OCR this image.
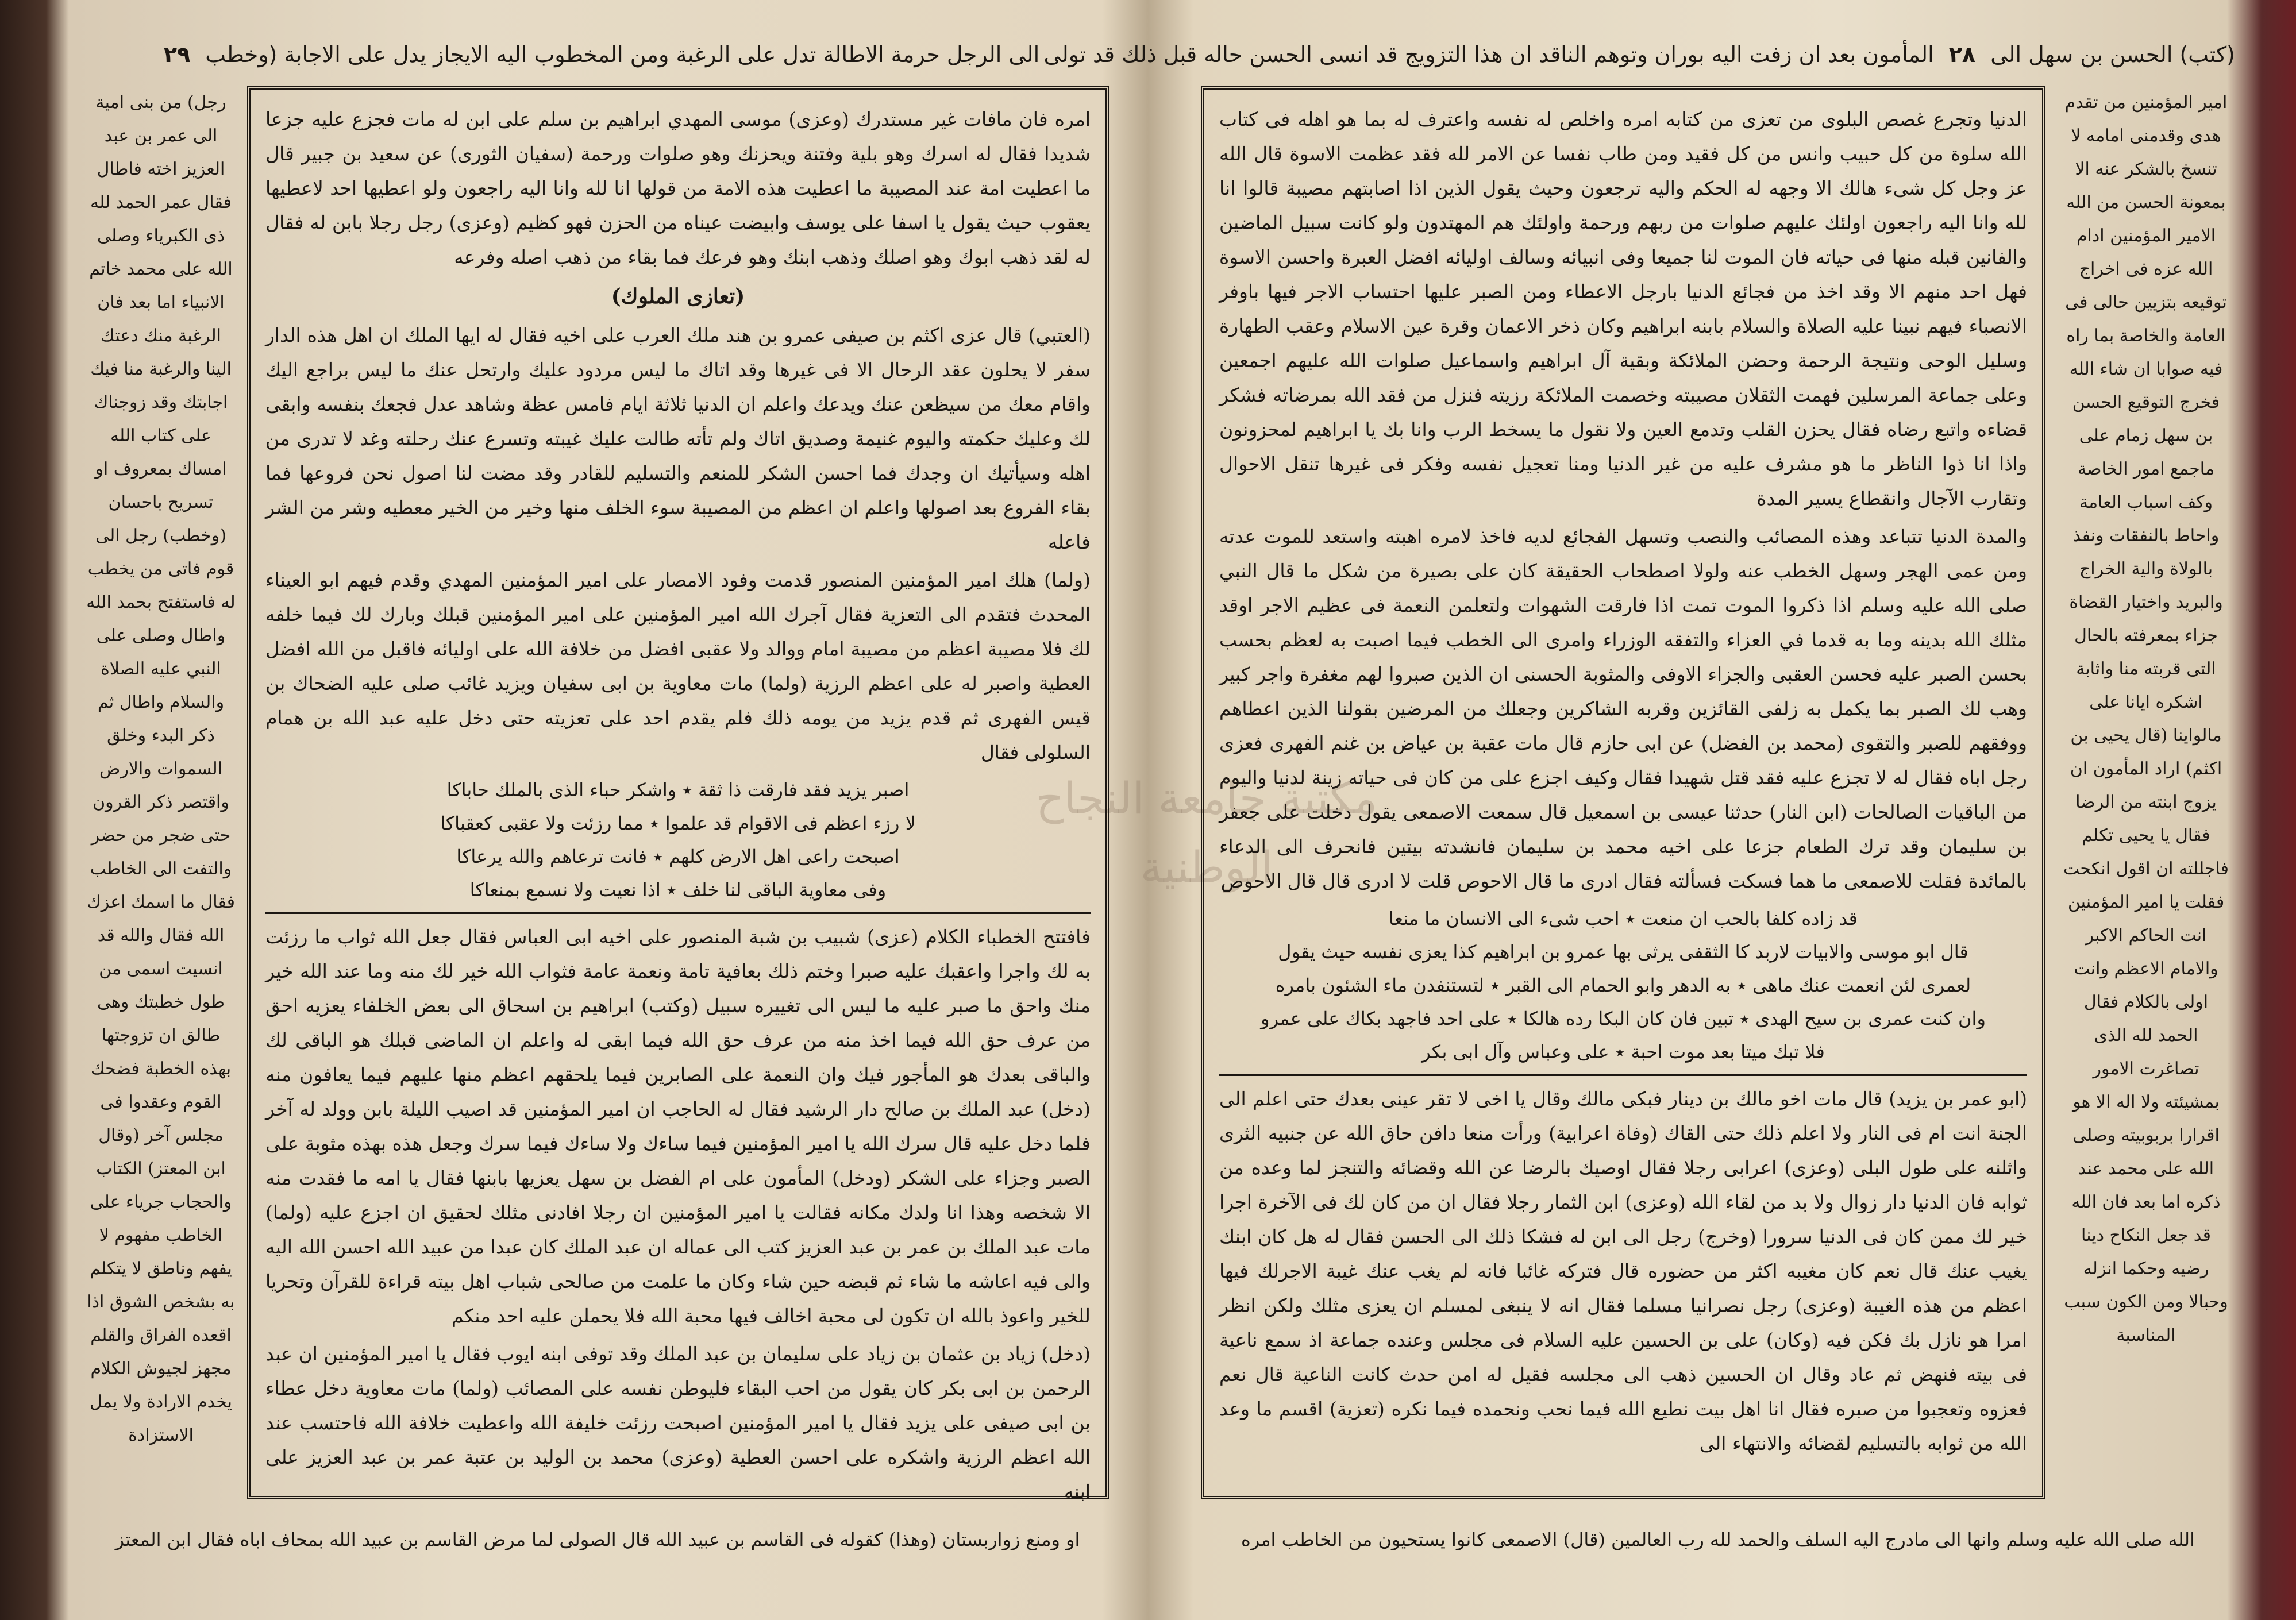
مكتبة جامعة النجاح الوطنية
الى الرجل حرمة الاطالة تدل على الرغبة ومن المخطوب اليه الايجاز يدل على الاجابة (وخطب ٢٩
رجل) من بنى امية الى عمر بن عبد العزيز اخته فاطال فقال عمر الحمد لله ذى الكبرياء وصلى الله على محمد خاتم الانبياء اما بعد فان الرغبة منك دعتك الينا والرغبة منا فيك اجابتك وقد زوجناك على كتاب الله امساك بمعروف او تسريح باحسان (وخطب) رجل الى قوم فاتى من يخطب له فاستفتح بحمد الله واطال وصلى على النبي عليه الصلاة والسلام واطال ثم ذكر البدء وخلق السموات والارض واقتصر ذكر القرون حتى ضجر من حضر والتفت الى الخاطب فقال ما اسمك اعزك الله فقال والله قد انسيت اسمى من طول خطبتك وهى طالق ان تزوجتها بهذه الخطبة فضحك القوم وعقدوا فى مجلس آخر (وقال ابن المعتز) الكتاب والحجاب جرياء على الخاطب مفهوم لا يفهم وناطق لا يتكلم به بشخص الشوق اذا اقعده الفراق والقلم مجهز لجيوش الكلام يخدم الارادة ولا يمل الاستزادة

امره فان مافات غير مستدرك (وعزى) موسى المهدي ابراهيم بن سلم على ابن له مات فجزع عليه جزعا شديدا فقال له اسرك وهو بلية وفتنة ويحزنك وهو صلوات ورحمة (سفيان الثورى) عن سعيد بن جبير قال ما اعطيت امة عند المصيبة ما اعطيت هذه الامة من قولها انا لله وانا اليه راجعون ولو اعطيها احد لاعطيها يعقوب حيث يقول يا اسفا على يوسف وابيضت عيناه من الحزن فهو كظيم (وعزى) رجل رجلا بابن له فقال له لقد ذهب ابوك وهو اصلك وذهب ابنك وهو فرعك فما بقاء من ذهب اصله وفرعه

(تعازى الملوك)

(العتبي) قال عزى اكثم بن صيفى عمرو بن هند ملك العرب على اخيه فقال له ايها الملك ان اهل هذه الدار سفر لا يحلون عقد الرحال الا فى غيرها وقد اتاك ما ليس مردود عليك وارتحل عنك ما ليس براجع اليك واقام معك من سيظعن عنك ويدعك واعلم ان الدنيا ثلاثة ايام فامس عظة وشاهد عدل فجعك بنفسه وابقى لك وعليك حكمته واليوم غنيمة وصديق اتاك ولم تأته طالت عليك غيبته وتسرع عنك رحلته وغد لا تدرى من اهله وسيأتيك ان وجدك فما احسن الشكر للمنعم والتسليم للقادر وقد مضت لنا اصول نحن فروعها فما بقاء الفروع بعد اصولها واعلم ان اعظم من المصيبة سوء الخلف منها وخير من الخير معطيه وشر من الشر فاعله

(ولما) هلك امير المؤمنين المنصور قدمت وفود الامصار على امير المؤمنين المهدي وقدم فيهم ابو العيناء المحدث فتقدم الى التعزية فقال آجرك الله امير المؤمنين على امير المؤمنين قبلك وبارك لك فيما خلفه لك فلا مصيبة اعظم من مصيبة امام ووالد ولا عقبى افضل من خلافة الله على اوليائه فاقبل من الله افضل العطية واصبر له على اعظم الرزية (ولما) مات معاوية بن ابى سفيان ويزيد غائب صلى عليه الضحاك بن قيس الفهرى ثم قدم يزيد من يومه ذلك فلم يقدم احد على تعزيته حتى دخل عليه عبد الله بن همام السلولى فقال

اصبر يزيد فقد فارقت ذا ثقة ٭ واشكر حباء الذى بالملك حاباكا
لا رزء اعظم فى الاقوام قد علموا ٭ مما رزئت ولا عقبى كعقباكا
اصبحت راعى اهل الارض كلهم ٭ فانت ترعاهم والله يرعاكا
وفى معاوية الباقى لنا خلف ٭ اذا نعيت ولا نسمع بمنعاكا

فافتتح الخطباء الكلام (عزى) شبيب بن شبة المنصور على اخيه ابى العباس فقال جعل الله ثواب ما رزئت به لك واجرا واعقبك عليه صبرا وختم ذلك بعافية تامة ونعمة عامة فثواب الله خير لك منه وما عند الله خير منك واحق ما صبر عليه ما ليس الى تغييره سبيل (وكتب) ابراهيم بن اسحاق الى بعض الخلفاء يعزيه احق من عرف حق الله فيما اخذ منه من عرف حق الله فيما ابقى له واعلم ان الماضى قبلك هو الباقى لك والباقى بعدك هو المأجور فيك وان النعمة على الصابرين فيما يلحقهم اعظم منها عليهم فيما يعافون منه (دخل) عبد الملك بن صالح دار الرشيد فقال له الحاجب ان امير المؤمنين قد اصيب الليلة بابن وولد له آخر فلما دخل عليه قال سرك الله يا امير المؤمنين فيما ساءك ولا ساءك فيما سرك وجعل هذه بهذه مثوبة على الصبر وجزاء على الشكر (ودخل) المأمون على ام الفضل بن سهل يعزيها بابنها فقال يا امه ما فقدت منه الا شخصه وهذا انا ولدك مكانه فقالت يا امير المؤمنين ان رجلا افادنى مثلك لحقيق ان اجزع عليه (ولما) مات عبد الملك بن عمر بن عبد العزيز كتب الى عماله ان عبد الملك كان عبدا من عبيد الله احسن الله اليه والى فيه اعاشه ما شاء ثم قبضه حين شاء وكان ما علمت من صالحى شباب اهل بيته قراءة للقرآن وتحريا للخير واعوذ بالله ان تكون لى محبة اخالف فيها محبة الله فلا يحملن عليه احد منكم

(دخل) زياد بن عثمان بن زياد على سليمان بن عبد الملك وقد توفى ابنه ايوب فقال يا امير المؤمنين ان عبد الرحمن بن ابى بكر كان يقول من احب البقاء فليوطن نفسه على المصائب (ولما) مات معاوية دخل عطاء بن ابى صيفى على يزيد فقال يا امير المؤمنين اصبحت رزئت خليفة الله واعطيت خلافة الله فاحتسب عند الله اعظم الرزية واشكره على احسن العطية (وعزى) محمد بن الوليد بن عتبة عمر بن عبد العزيز على ابنه

او ومنع زواربستان (وهذا) كقوله فى القاسم بن عبيد الله قال الصولى لما مرض القاسم بن عبيد الله بمحاف اباه فقال ابن المعتز
(كتب) الحسن بن سهل الى ٢٨ المأمون بعد ان زفت اليه بوران وتوهم الناقد ان هذا التزويج قد انسى الحسن حاله قبل ذلك قد تولى

الدنيا وتجرع غصص البلوى من تعزى من كتابه امره واخلص له نفسه واعترف له بما هو اهله فى كتاب الله سلوة من كل حبيب وانس من كل فقيد ومن طاب نفسا عن الامر لله فقد عظمت الاسوة قال الله عز وجل كل شىء هالك الا وجهه له الحكم واليه ترجعون وحيث يقول الذين اذا اصابتهم مصيبة قالوا انا لله وانا اليه راجعون اولئك عليهم صلوات من ربهم ورحمة واولئك هم المهتدون ولو كانت سبيل الماضين والفانين قبله منها فى حياته فان الموت لنا جميعا وفى انبيائه وسالف اوليائه افضل العبرة واحسن الاسوة فهل احد منهم الا وقد اخذ من فجائع الدنيا بارجل الاعطاء ومن الصبر عليها احتساب الاجر فيها باوفر الانصباء فيهم نبينا عليه الصلاة والسلام بابنه ابراهيم وكان ذخر الاعمان وقرة عين الاسلام وعقب الطهارة وسليل الوحى ونتيجة الرحمة وحضن الملائكة وبقية آل ابراهيم واسماعيل صلوات الله عليهم اجمعين وعلى جماعة المرسلين فهمت الثقلان مصيبته وخصمت الملائكة رزيته فنزل من فقد الله بمرضاته فشكر قضاءه واتبع رضاه فقال يحزن القلب وتدمع العين ولا نقول ما يسخط الرب وانا بك يا ابراهيم لمحزونون واذا انا ذوا الناظر ما هو مشرف عليه من غير الدنيا ومنا تعجيل نفسه وفكر فى غيرها تنقل الاحوال وتقارب الآجال وانقطاع يسير المدة

والمدة الدنيا تتباعد وهذه المصائب والنصب وتسهل الفجائع لديه فاخذ لامره اهبته واستعد للموت عدته ومن عمى الهجر وسهل الخطب عنه ولولا اصطحاب الحقيقة كان على بصيرة من شكل ما قال النبي صلى الله عليه وسلم اذا ذكروا الموت تمت اذا فارقت الشهوات ولتعلمن النعمة فى عظيم الاجر اوقد مثلك الله بدينه وما به قدما في العزاء والتفقه الوزراء وامرى الى الخطب فيما اصبت به لعظم بحسب بحسن الصبر عليه فحسن العقبى والجزاء الاوفى والمثوبة الحسنى ان الذين صبروا لهم مغفرة واجر كبير وهب لك الصبر بما يكمل به زلفى القائزين وقربه الشاكرين وجعلك من المرضين بقولنا الذين اعطاهم ووفقهم للصبر والتقوى (محمد بن الفضل) عن ابى حازم قال مات عقبة بن عياض بن غنم الفهرى فعزى رجل اباه فقال له لا تجزع عليه فقد قتل شهيدا فقال وكيف اجزع على من كان فى حياته زينة لدنيا واليوم من الباقيات الصالحات (ابن النار) حدثنا عيسى بن اسمعيل قال سمعت الاصمعى يقول دخلت على جعفر بن سليمان وقد ترك الطعام جزعا على اخيه محمد بن سليمان فانشدته بيتين فانحرف الى الدعاء بالمائدة فقلت للاصمعى ما هما فسكت فسألته فقال ادرى ما قال الاحوص قلت لا ادرى قال قال الاحوص

قد زاده كلفا بالحب ان منعت ٭ احب شىء الى الانسان ما منعا
قال ابو موسى والابيات لاربد كا الثقفى يرثى بها عمرو بن ابراهيم كذا يعزى نفسه حيث يقول
لعمرى لئن انعمت عنك ماهى ٭ به الدهر وابو الحمام الى القبر ٭ لتستنفدن ماء الشئون بامره
وان كنت عمرى بن سيح الهدى ٭ تبين فان كان البكا رده هالكا ٭ على احد فاجهد بكاك على عمرو
فلا تبك ميتا بعد موت احبة ٭ على وعباس وآل ابى بكر

(ابو عمر بن يزيد) قال مات اخو مالك بن دينار فبكى مالك وقال يا اخى لا تقر عينى بعدك حتى اعلم الى الجنة انت ام فى النار ولا اعلم ذلك حتى القاك (وفاة اعرابية) ورأت منعا دافن حاق الله عن جنبيه الثرى واثلنه على طول البلى (وعزى) اعرابى رجلا فقال اوصيك بالرضا عن الله وقضائه والتنجز لما وعده من ثوابه فان الدنيا دار زوال ولا بد من لقاء الله (وعزى) ابن الثمار رجلا فقال ان من كان لك فى الآخرة اجرا خير لك ممن كان فى الدنيا سرورا (وخرج) رجل الى ابن له فشكا ذلك الى الحسن فقال له هل كان ابنك يغيب عنك قال نعم كان مغيبه اكثر من حضوره قال فتركه غائبا فانه لم يغب عنك غيبة الاجرلك فيها اعظم من هذه الغيبة (وعزى) رجل نصرانيا مسلما فقال انه لا ينبغى لمسلم ان يعزى مثلك ولكن انظر امرا هو نازل بك فكن فيه (وكان) على بن الحسين عليه السلام فى مجلس وعنده جماعة اذ سمع ناعية فى بيته فنهض ثم عاد وقال ان الحسين ذهب الى مجلسه فقيل له امن حدث كانت الناعية قال نعم فعزوه وتعجبوا من صبره فقال انا اهل بيت نطيع الله فيما نحب ونحمده فيما نكره (تعزية) اقسم ما وعد الله من ثوابه بالتسليم لقضائه والانتهاء الى

امير المؤمنين من تقدم هدى وقدمنى امامه لا تنسخ بالشكر عنه الا بمعونة الحسن من الله الامير المؤمنين ادام الله عزه فى اخراج توقيعه بتزيين حالى فى العامة والخاصة بما راه فيه صوابا ان شاء الله فخرج التوقيع الحسن بن سهل زمام على ماجمع امور الخاصة وكف اسباب العامة واحاط بالنفقات ونفذ بالولاة والية الخراج والبريد واختيار القضاة جزاء بمعرفته بالحال التى قربته منا واثابة اشكره ايانا على مالواينا (قال يحيى بن اكثم) اراد المأمون ان يزوج ابنته من الرضا فقال يا يحيى تكلم فاجللته ان اقول انكحت فقلت يا امير المؤمنين انت الحاكم الاكبر والامام الاعظم وانت اولى بالكلام فقال الحمد لله الذى تصاغرت الامور بمشيئته ولا اله الا هو اقرارا بربوبيته وصلى الله على محمد عند ذكره اما بعد فان الله قد جعل النكاح دينا رضيه وحكما انزله وحبالا ومن الكون سبب المناسبة
الله صلى الله عليه وسلم وانها الى مادرج اليه السلف والحمد لله رب العالمين (قال) الاصمعى كانوا يستحيون من الخاطب امره
